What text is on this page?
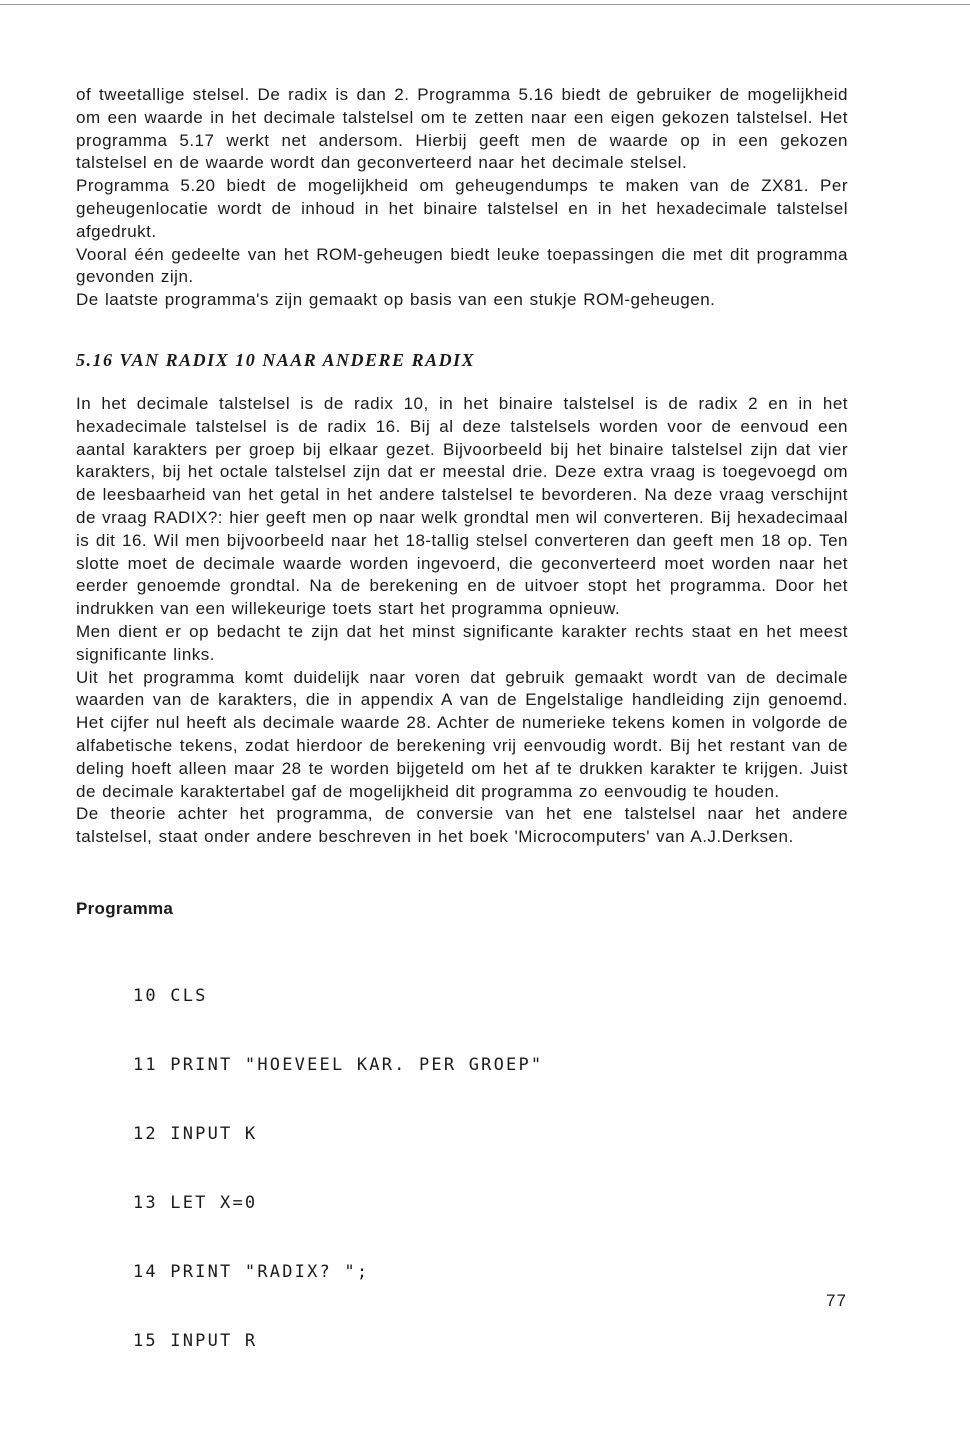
of tweetallige stelsel. De radix is dan 2. Programma 5.16 biedt de gebruiker de mogelijkheid om een waarde in het decimale talstelsel om te zetten naar een eigen gekozen talstelsel. Het programma 5.17 werkt net andersom. Hierbij geeft men de waarde op in een gekozen talstelsel en de waarde wordt dan geconverteerd naar het decimale stelsel.

Programma 5.20 biedt de mogelijkheid om geheugendumps te maken van de ZX81. Per geheugenlocatie wordt de inhoud in het binaire talstelsel en in het hexadecimale talstelsel afgedrukt.

Vooral één gedeelte van het ROM-geheugen biedt leuke toepassingen die met dit programma gevonden zijn.

De laatste programma's zijn gemaakt op basis van een stukje ROM-geheugen.

5.16 VAN RADIX 10 NAAR ANDERE RADIX

In het decimale talstelsel is de radix 10, in het binaire talstelsel is de radix 2 en in het hexadecimale talstelsel is de radix 16. Bij al deze talstelsels worden voor de eenvoud een aantal karakters per groep bij elkaar gezet. Bijvoorbeeld bij het binaire talstelsel zijn dat vier karakters, bij het octale talstelsel zijn dat er meestal drie. Deze extra vraag is toegevoegd om de leesbaarheid van het getal in het andere talstelsel te bevorderen. Na deze vraag verschijnt de vraag RADIX?: hier geeft men op naar welk grondtal men wil converteren. Bij hexadecimaal is dit 16. Wil men bijvoorbeeld naar het 18-tallig stelsel converteren dan geeft men 18 op. Ten slotte moet de decimale waarde worden ingevoerd, die geconverteerd moet worden naar het eerder genoemde grondtal. Na de berekening en de uitvoer stopt het programma. Door het indrukken van een willekeurige toets start het programma opnieuw.

Men dient er op bedacht te zijn dat het minst significante karakter rechts staat en het meest significante links.

Uit het programma komt duidelijk naar voren dat gebruik gemaakt wordt van de decimale waarden van de karakters, die in appendix A van de Engelstalige handleiding zijn genoemd. Het cijfer nul heeft als decimale waarde 28. Achter de numerieke tekens komen in volgorde de alfabetische tekens, zodat hierdoor de berekening vrij eenvoudig wordt. Bij het restant van de deling hoeft alleen maar 28 te worden bijgeteld om het af te drukken karakter te krijgen. Juist de decimale karaktertabel gaf de mogelijkheid dit programma zo eenvoudig te houden.

De theorie achter het programma, de conversie van het ene talstelsel naar het andere talstelsel, staat onder andere beschreven in het boek 'Microcomputers' van A.J.Derksen.

Programma

10 CLS

11 PRINT "HOEVEEL KAR. PER GROEP"

12 INPUT K

13 LET X=0

14 PRINT "RADIX? ";

15 INPUT R

77
